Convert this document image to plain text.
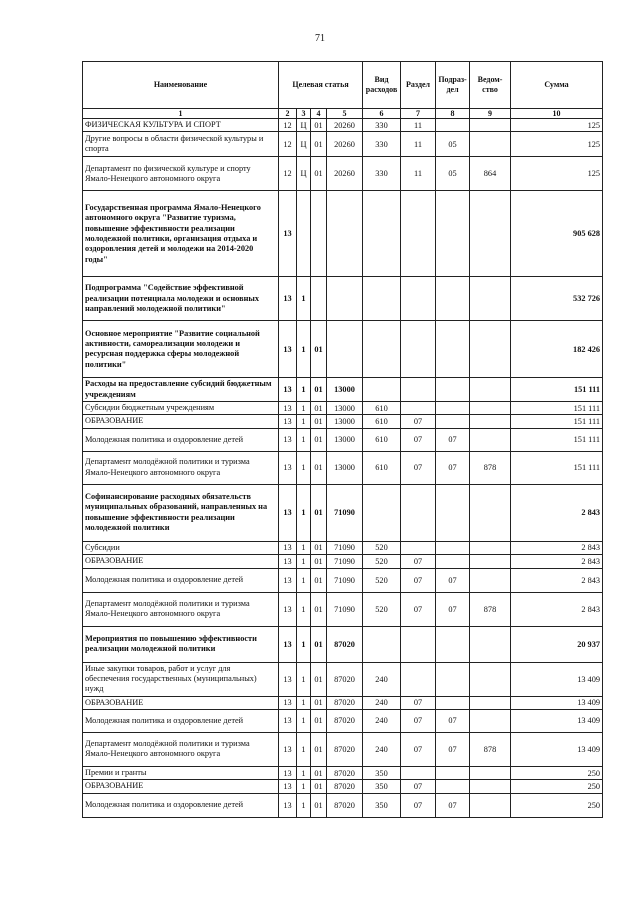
71
Наименование	Целевая статья				Вид расходов	Раздел	Подраз-дел	Ведом-ство	Сумма
1	2	3	4	5	6	7	8	9	10
ФИЗИЧЕСКАЯ КУЛЬТУРА И СПОРТ	12	Ц	01	20260	330	11			125
Другие вопросы в области физической культуры и спорта	12	Ц	01	20260	330	11	05		125
Департамент по физической культуре и спорту Ямало-Ненецкого автономного округа	12	Ц	01	20260	330	11	05	864	125
Государственная программа Ямало-Ненецкого автономного округа "Развитие туризма, повышение эффективности реализации молодежной политики, организация отдыха и оздоровления детей и молодежи на 2014-2020 годы"	13								905 628
Подпрограмма "Содействие эффективной реализации потенциала молодежи и основных направлений молодежной политики"	13	1							532 726
Основное мероприятие "Развитие социальной активности, самореализации молодежи и ресурсная поддержка сферы молодежной политики"	13	1	01						182 426
Расходы на предоставление субсидий бюджетным учреждениям	13	1	01	13000					151 111
Субсидии бюджетным учреждениям	13	1	01	13000	610				151 111
ОБРАЗОВАНИЕ	13	1	01	13000	610	07			151 111
Молодежная политика и оздоровление детей	13	1	01	13000	610	07	07		151 111
Департамент молодёжной политики и туризма Ямало-Ненецкого автономного округа	13	1	01	13000	610	07	07	878	151 111
Софинансирование расходных обязательств муниципальных образований, направленных на повышение эффективности реализации молодежной политики	13	1	01	71090					2 843
Субсидии	13	1	01	71090	520				2 843
ОБРАЗОВАНИЕ	13	1	01	71090	520	07			2 843
Молодежная политика и оздоровление детей	13	1	01	71090	520	07	07		2 843
Департамент молодёжной политики и туризма Ямало-Ненецкого автономного округа	13	1	01	71090	520	07	07	878	2 843
Мероприятия по повышению эффективности реализации молодежной политики	13	1	01	87020					20 937
Иные закупки товаров, работ и услуг для обеспечения государственных (муниципальных) нужд	13	1	01	87020	240				13 409
ОБРАЗОВАНИЕ	13	1	01	87020	240	07			13 409
Молодежная политика и оздоровление детей	13	1	01	87020	240	07	07		13 409
Департамент молодёжной политики и туризма Ямало-Ненецкого автономного округа	13	1	01	87020	240	07	07	878	13 409
Премии и гранты	13	1	01	87020	350				250
ОБРАЗОВАНИЕ	13	1	01	87020	350	07			250
Молодежная политика и оздоровление детей	13	1	01	87020	350	07	07		250
